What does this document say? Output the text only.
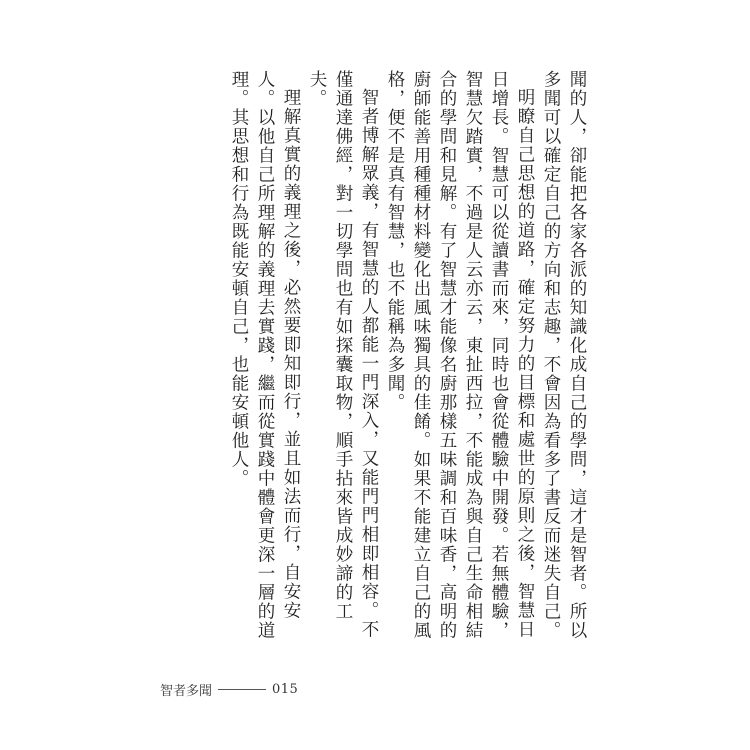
聞的人，卻能把各家各派的知識化成自己的學問，這才是智者。所以多聞可以確定自己的方向和志趣，不會因為看多了書反而迷失自己。

明瞭自己思想的道路，確定努力的目標和處世的原則之後，智慧日日增長。智慧可以從讀書而來，同時也會從體驗中開發。若無體驗，智慧欠踏實，不過是人云亦云，東扯西拉，不能成為與自己生命相結合的學問和見解。有了智慧才能像名廚那樣五味調和百味香，高明的廚師能善用種種材料變化出風味獨具的佳餚。如果不能建立自己的風格，便不是真有智慧，也不能稱為多聞。

智者博解眾義，有智慧的人都能一門深入，又能門門相即相容。不僅通達佛經，對一切學問也有如探囊取物，順手拈來皆成妙諦的工夫。

理解真實的義理之後，必然要即知即行，並且如法而行，自安安人。以他自己所理解的義理去實踐，繼而從實踐中體會更深一層的道理。其思想和行為既能安頓自己，也能安頓他人。

智者多聞	015
